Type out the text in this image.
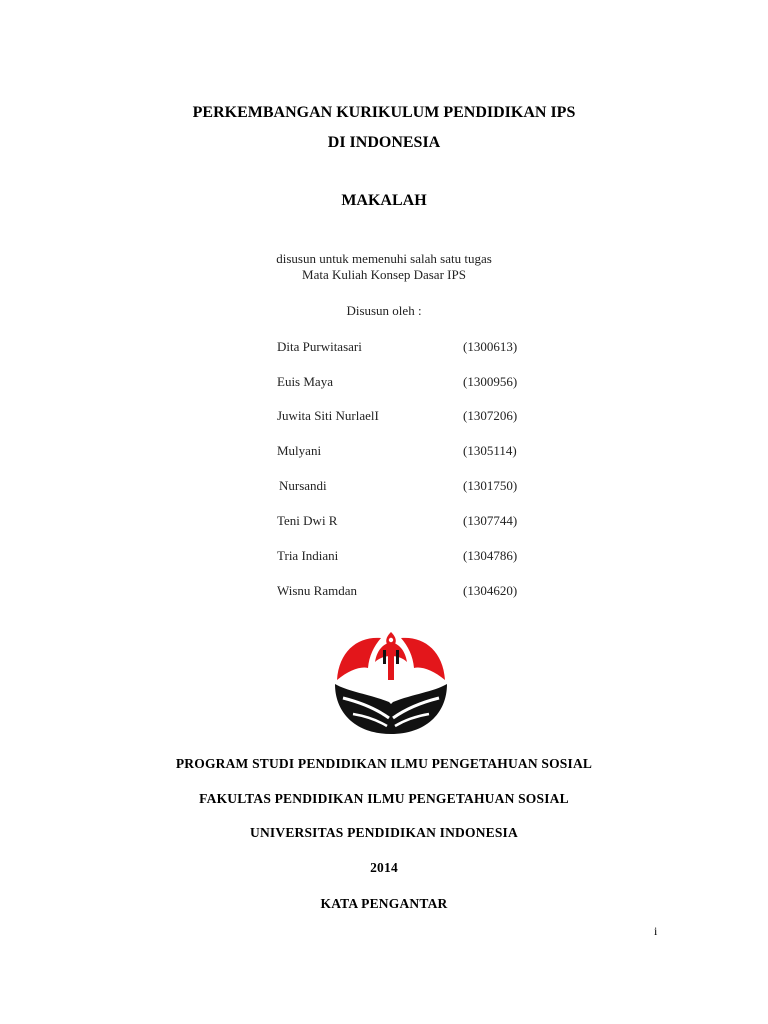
PERKEMBANGAN KURIKULUM PENDIDIKAN IPS
DI INDONESIA
MAKALAH
disusun untuk memenuhi salah satu tugas
Mata Kuliah Konsep Dasar IPS
Disusun oleh :
Dita Purwitasari	(1300613)
Euis Maya	(1300956)
Juwita Siti NurlaelI	(1307206)
Mulyani	(1305114)
Nursandi	(1301750)
Teni Dwi R	(1307744)
Tria Indiani	(1304786)
Wisnu Ramdan	(1304620)
PROGRAM STUDI PENDIDIKAN ILMU PENGETAHUAN SOSIAL
FAKULTAS PENDIDIKAN ILMU PENGETAHUAN SOSIAL
UNIVERSITAS PENDIDIKAN INDONESIA
2014
KATA PENGANTAR
i
